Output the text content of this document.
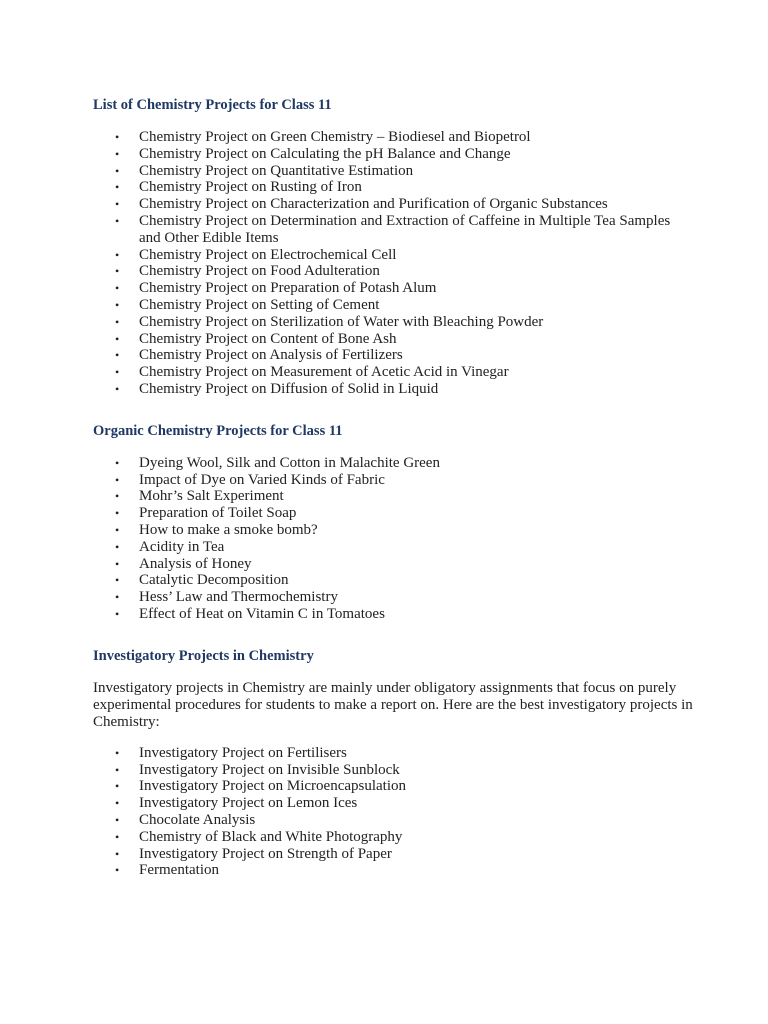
List of Chemistry Projects for Class 11
• Chemistry Project on Green Chemistry – Biodiesel and Biopetrol
• Chemistry Project on Calculating the pH Balance and Change
• Chemistry Project on Quantitative Estimation
• Chemistry Project on Rusting of Iron
• Chemistry Project on Characterization and Purification of Organic Substances
• Chemistry Project on Determination and Extraction of Caffeine in Multiple Tea Samples and Other Edible Items
• Chemistry Project on Electrochemical Cell
• Chemistry Project on Food Adulteration
• Chemistry Project on Preparation of Potash Alum
• Chemistry Project on Setting of Cement
• Chemistry Project on Sterilization of Water with Bleaching Powder
• Chemistry Project on Content of Bone Ash
• Chemistry Project on Analysis of Fertilizers
• Chemistry Project on Measurement of Acetic Acid in Vinegar
• Chemistry Project on Diffusion of Solid in Liquid
Organic Chemistry Projects for Class 11
• Dyeing Wool, Silk and Cotton in Malachite Green
• Impact of Dye on Varied Kinds of Fabric
• Mohr’s Salt Experiment
• Preparation of Toilet Soap
• How to make a smoke bomb?
• Acidity in Tea
• Analysis of Honey
• Catalytic Decomposition
• Hess’ Law and Thermochemistry
• Effect of Heat on Vitamin C in Tomatoes
Investigatory Projects in Chemistry

Investigatory projects in Chemistry are mainly under obligatory assignments that focus on purely experimental procedures for students to make a report on. Here are the best investigatory projects in Chemistry:

• Investigatory Project on Fertilisers
• Investigatory Project on Invisible Sunblock
• Investigatory Project on Microencapsulation
• Investigatory Project on Lemon Ices
• Chocolate Analysis
• Chemistry of Black and White Photography
• Investigatory Project on Strength of Paper
• Fermentation
